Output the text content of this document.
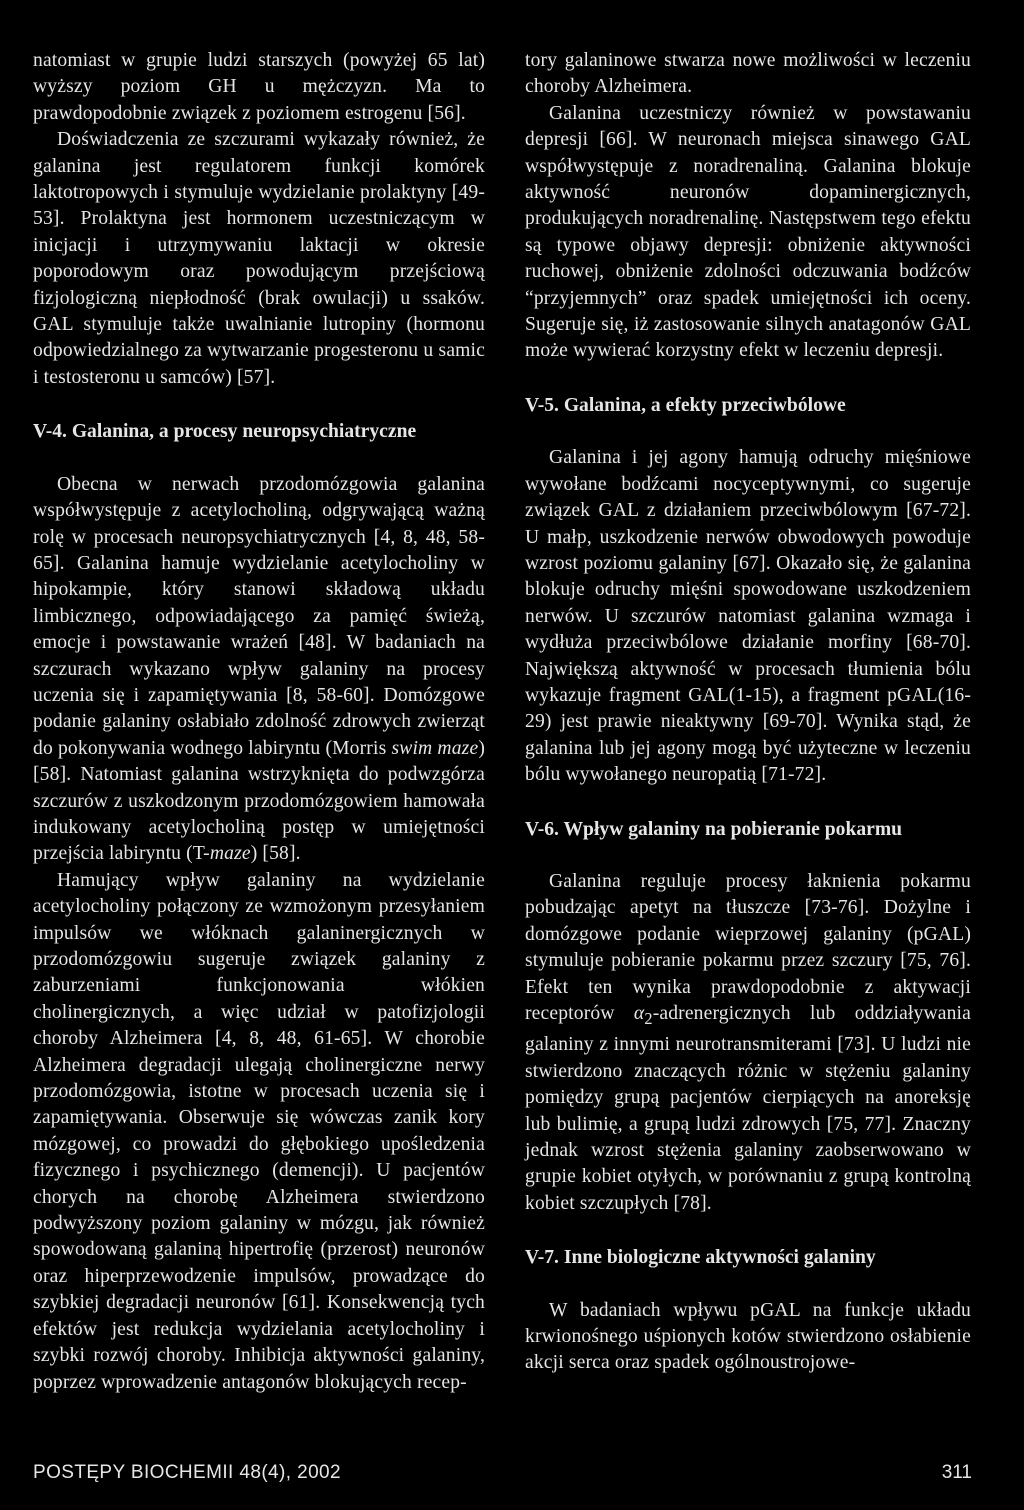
natomiast w grupie ludzi starszych (powyżej 65 lat) wyższy poziom GH u mężczyzn. Ma to prawdopodobnie związek z poziomem estrogenu [56].

Doświadczenia ze szczurami wykazały również, że galanina jest regulatorem funkcji komórek laktotropowych i stymuluje wydzielanie prolaktyny [49-53]. Prolaktyna jest hormonem uczestniczącym w inicjacji i utrzymywaniu laktacji w okresie poporodowym oraz powodującym przejściową fizjologiczną niepłodność (brak owulacji) u ssaków. GAL stymuluje także uwalnianie lutropiny (hormonu odpowiedzialnego za wytwarzanie progesteronu u samic i testosteronu u samców) [57].

V-4. Galanina, a procesy neuropsychiatryczne

Obecna w nerwach przodomózgowia galanina współwystępuje z acetylocholiną, odgrywającą ważną rolę w procesach neuropsychiatrycznych [4, 8, 48, 58-65]. Galanina hamuje wydzielanie acetylocholiny w hipokampie, który stanowi składową układu limbicznego, odpowiadającego za pamięć świeżą, emocje i powstawanie wrażeń [48]. W badaniach na szczurach wykazano wpływ galaniny na procesy uczenia się i zapamiętywania [8, 58-60]. Domózgowe podanie galaniny osłabiało zdolność zdrowych zwierząt do pokonywania wodnego labiryntu (Morris swim maze) [58]. Natomiast galanina wstrzyknięta do podwzgórza szczurów z uszkodzonym przodomózgowiem hamowała indukowany acetylocholiną postęp w umiejętności przejścia labiryntu (T-maze) [58].

Hamujący wpływ galaniny na wydzielanie acetylocholiny połączony ze wzmożonym przesyłaniem impulsów we włóknach galaninergicznych w przodomózgowiu sugeruje związek galaniny z zaburzeniami funkcjonowania włókien cholinergicznych, a więc udział w patofizjologii choroby Alzheimera [4, 8, 48, 61-65]. W chorobie Alzheimera degradacji ulegają cholinergiczne nerwy przodomózgowia, istotne w procesach uczenia się i zapamiętywania. Obserwuje się wówczas zanik kory mózgowej, co prowadzi do głębokiego upośledzenia fizycznego i psychicznego (demencji). U pacjentów chorych na chorobę Alzheimera stwierdzono podwyższony poziom galaniny w mózgu, jak również spowodowaną galaniną hipertrofię (przerost) neuronów oraz hiperprzewodzenie impulsów, prowadzące do szybkiej degradacji neuronów [61]. Konsekwencją tych efektów jest redukcja wydzielania acetylocholiny i szybki rozwój choroby. Inhibicja aktywności galaniny, poprzez wprowadzenie antagonów blokujących recep-

tory galaninowe stwarza nowe możliwości w leczeniu choroby Alzheimera.

Galanina uczestniczy również w powstawaniu depresji [66]. W neuronach miejsca sinawego GAL współwystępuje z noradrenaliną. Galanina blokuje aktywność neuronów dopaminergicznych, produkujących noradrenalinę. Następstwem tego efektu są typowe objawy depresji: obniżenie aktywności ruchowej, obniżenie zdolności odczuwania bodźców “przyjemnych” oraz spadek umiejętności ich oceny. Sugeruje się, iż zastosowanie silnych anatagonów GAL może wywierać korzystny efekt w leczeniu depresji.

V-5. Galanina, a efekty przeciwbólowe

Galanina i jej agony hamują odruchy mięśniowe wywołane bodźcami nocyceptywnymi, co sugeruje związek GAL z działaniem przeciwbólowym [67-72]. U małp, uszkodzenie nerwów obwodowych powoduje wzrost poziomu galaniny [67]. Okazało się, że galanina blokuje odruchy mięśni spowodowane uszkodzeniem nerwów. U szczurów natomiast galanina wzmaga i wydłuża przeciwbólowe działanie morfiny [68-70]. Największą aktywność w procesach tłumienia bólu wykazuje fragment GAL(1-15), a fragment pGAL(16-29) jest prawie nieaktywny [69-70]. Wynika stąd, że galanina lub jej agony mogą być użyteczne w leczeniu bólu wywołanego neuropatią [71-72].

V-6. Wpływ galaniny na pobieranie pokarmu

Galanina reguluje procesy łaknienia pokarmu pobudzając apetyt na tłuszcze [73-76]. Dożylne i domózgowe podanie wieprzowej galaniny (pGAL) stymuluje pobieranie pokarmu przez szczury [75, 76]. Efekt ten wynika prawdopodobnie z aktywacji receptorów $\alpha_2$-adrenergicznych lub oddziaływania galaniny z innymi neurotransmiterami [73]. U ludzi nie stwierdzono znaczących różnic w stężeniu galaniny pomiędzy grupą pacjentów cierpiących na anoreksję lub bulimię, a grupą ludzi zdrowych [75, 77]. Znaczny jednak wzrost stężenia galaniny zaobserwowano w grupie kobiet otyłych, w porównaniu z grupą kontrolną kobiet szczupłych [78].

V-7. Inne biologiczne aktywności galaniny

W badaniach wpływu pGAL na funkcje układu krwionośnego uśpionych kotów stwierdzono osłabienie akcji serca oraz spadek ogólnoustrojowe-

POSTĘPY BIOCHEMII 48(4), 2002	311
